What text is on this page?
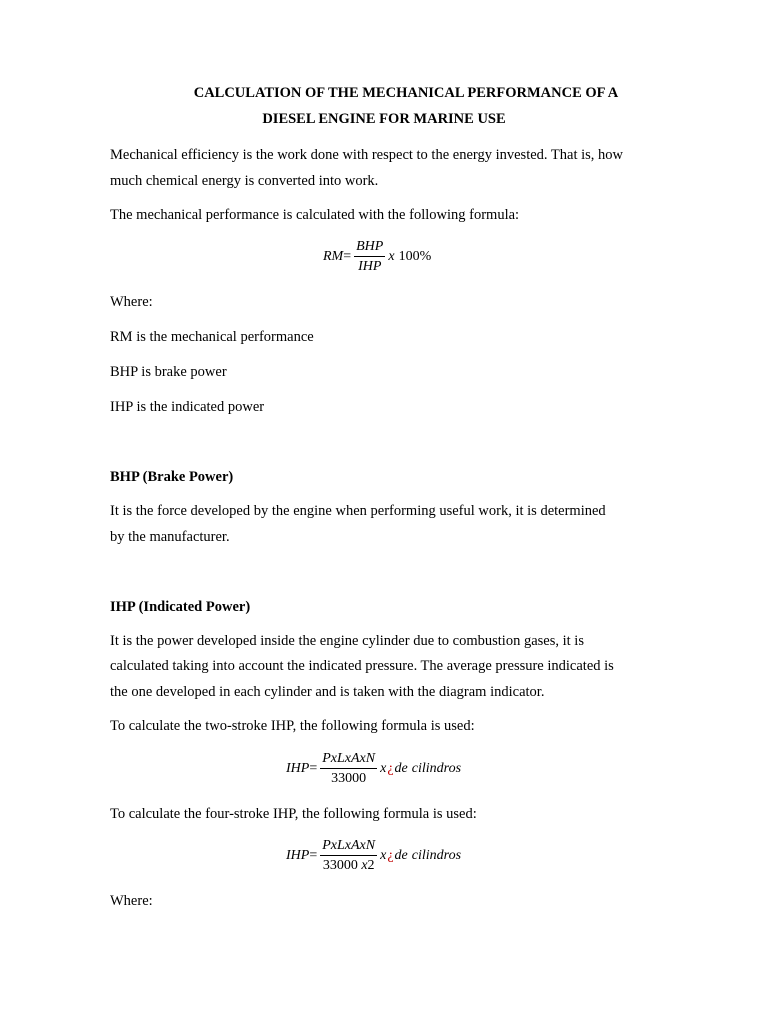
CALCULATION OF THE MECHANICAL PERFORMANCE OF A
DIESEL ENGINE FOR MARINE USE
Mechanical efficiency is the work done with respect to the energy invested. That is, how
much chemical energy is converted into work.
The mechanical performance is calculated with the following formula:
RM = $\frac{\text{BHP}}{\text{IHP}}$ x 100 %
Where:
RM is the mechanical performance
BHP is brake power
IHP is the indicated power
BHP (Brake Power)
It is the force developed by the engine when performing useful work, it is determined
by the manufacturer.
IHP (Indicated Power)
It is the power developed inside the engine cylinder due to combustion gases, it is
calculated taking into account the indicated pressure. The average pressure indicated is
the one developed in each cylinder and is taken with the diagram indicator.
To calculate the two-stroke IHP, the following formula is used:
IHP = $\frac{\text{PxLxAxN}}{33000}$ x ¿ de cilindros
To calculate the four-stroke IHP, the following formula is used:
IHP = $\frac{\text{PxLxAxN}}{33000 x2}$ x ¿ de cilindros
Where:
